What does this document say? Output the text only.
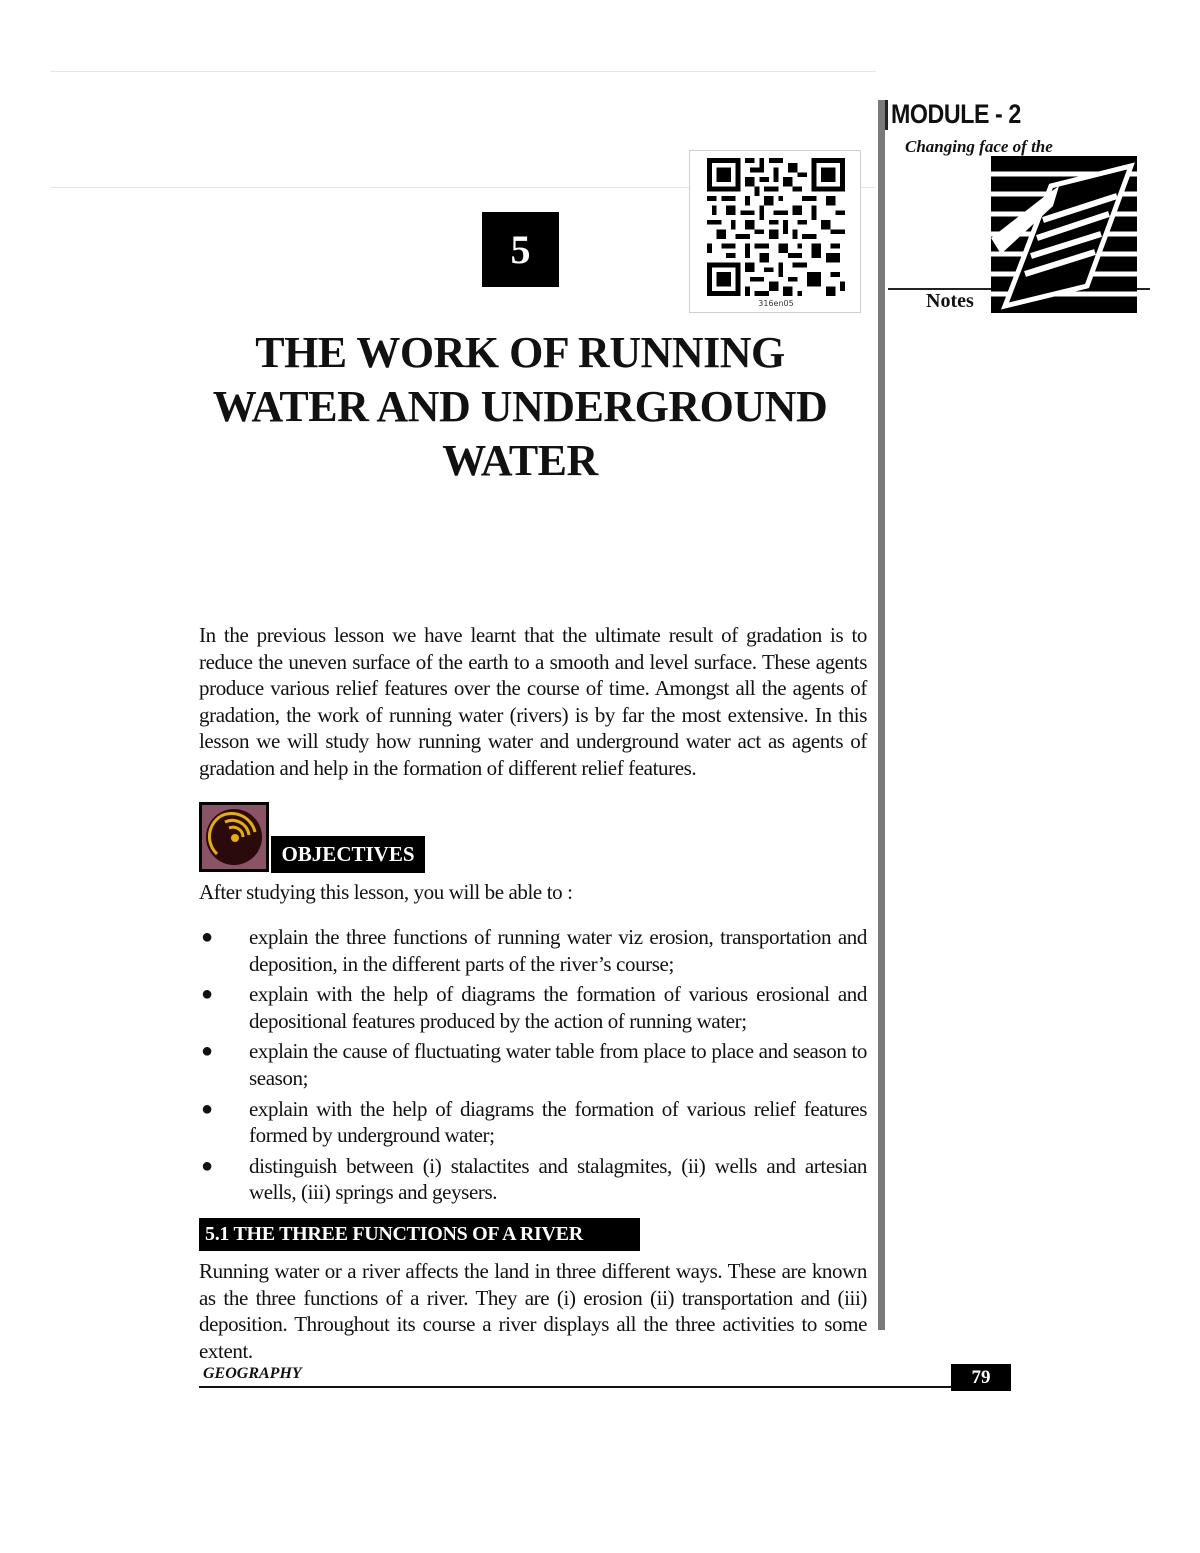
5
316en05
THE WORK OF RUNNING
WATER AND UNDERGROUND
WATER
MODULE - 2
Changing face of the
Notes
In the previous lesson we have learnt that the ultimate result of gradation is to reduce the uneven surface of the earth to a smooth and level surface. These agents produce various relief features over the course of time. Amongst all the agents of gradation, the work of running water (rivers) is by far the most extensive. In this lesson we will study how running water and underground water act as agents of gradation and help in the formation of different relief features.
OBJECTIVES
After studying this lesson, you will be able to :
● explain the three functions of running water viz erosion, transportation and deposition, in the different parts of the river’s course;
● explain with the help of diagrams the formation of various erosional and depositional features produced by the action of running water;
● explain the cause of fluctuating water table from place to place and season to season;
● explain with the help of diagrams the formation of various relief features formed by underground water;
● distinguish between (i) stalactites and stalagmites, (ii) wells and artesian wells, (iii) springs and geysers.
5.1 THE THREE FUNCTIONS OF A RIVER
Running water or a river affects the land in three different ways. These are known as the three functions of a river. They are (i) erosion (ii) transportation and (iii) deposition. Throughout its course a river displays all the three activities to some extent.
GEOGRAPHY	79
